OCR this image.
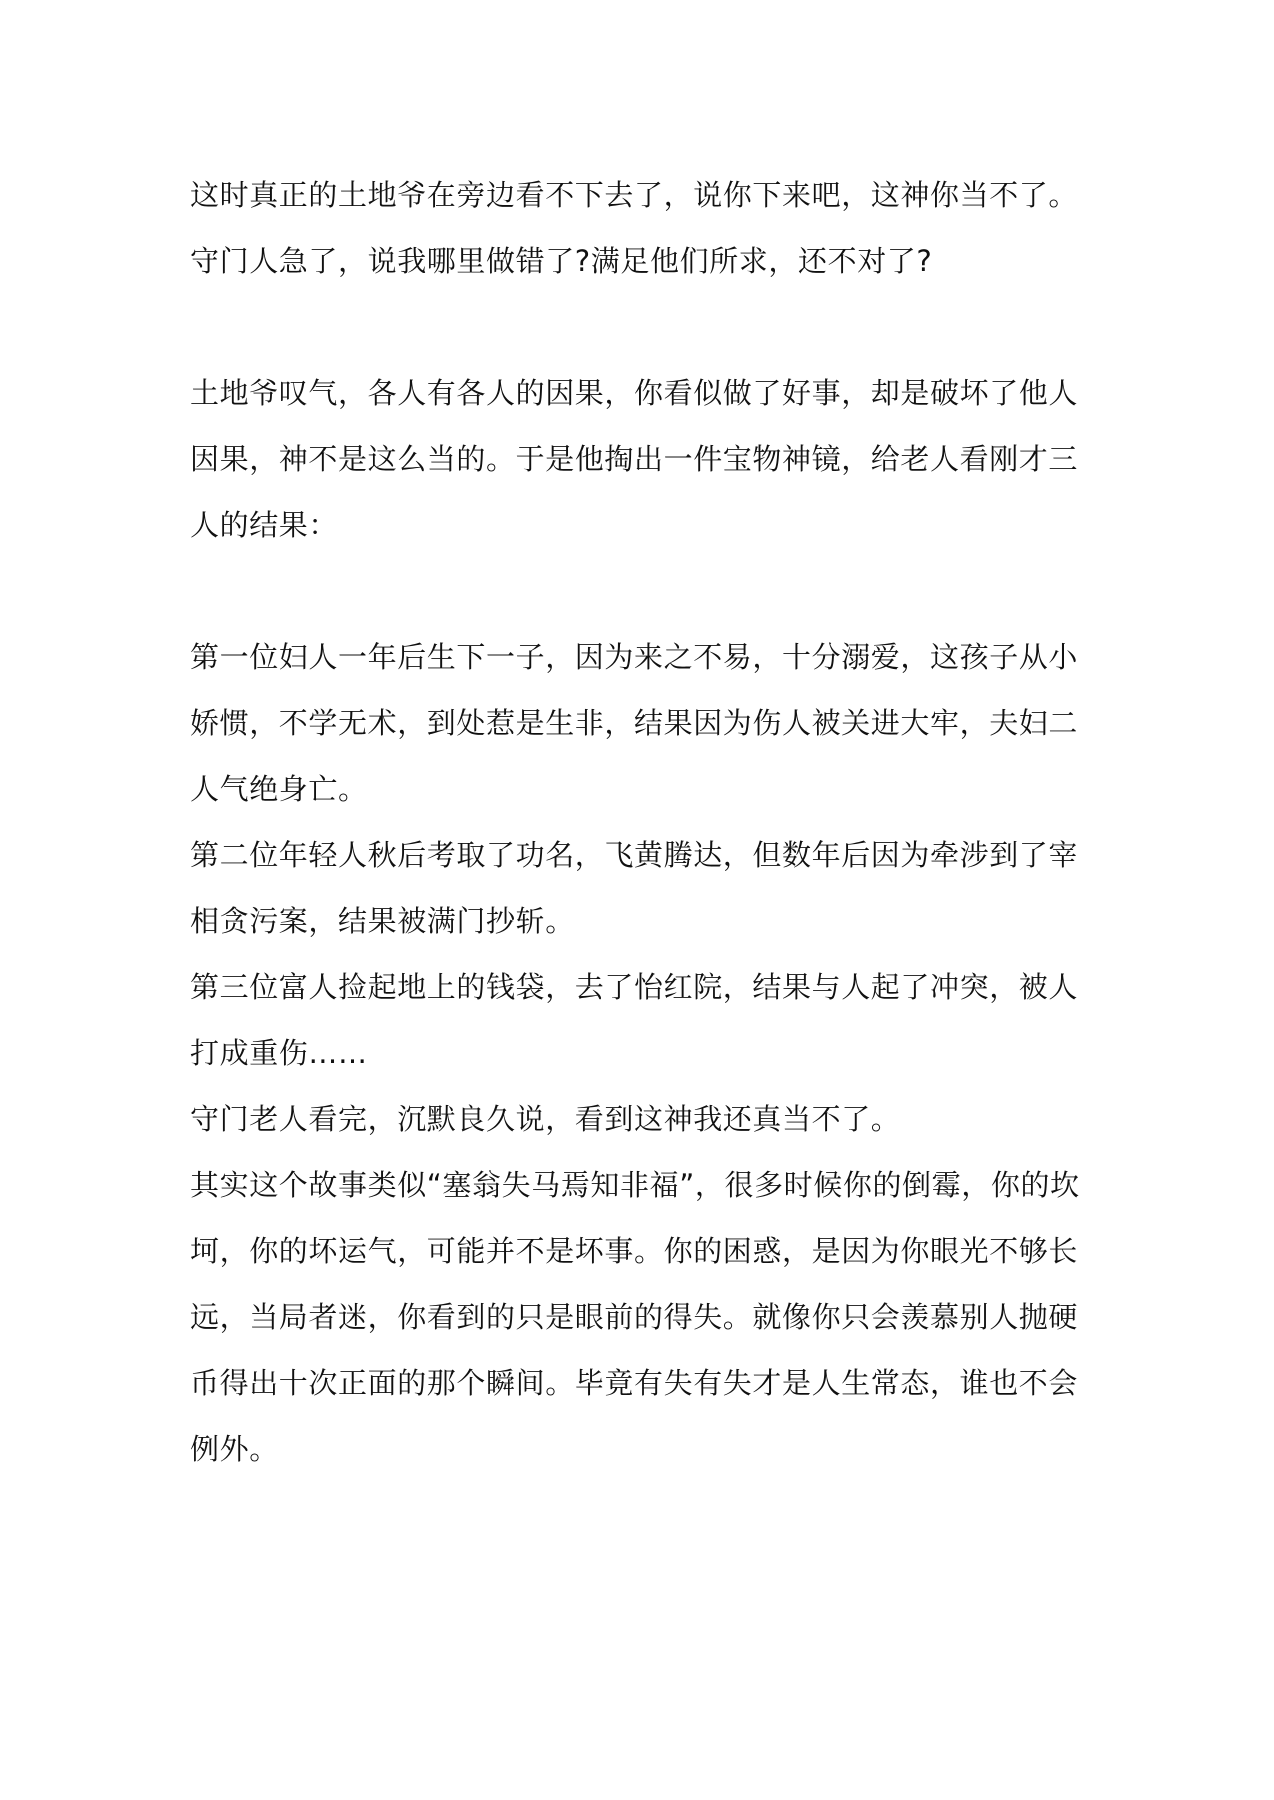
这时真正的土地爷在旁边看不下去了，说你下来吧，这神你当不了。守门人急了，说我哪里做错了?满足他们所求，还不对了?

土地爷叹气，各人有各人的因果，你看似做了好事，却是破坏了他人因果，神不是这么当的。于是他掏出一件宝物神镜，给老人看刚才三人的结果：

第一位妇人一年后生下一子，因为来之不易，十分溺爱，这孩子从小娇惯，不学无术，到处惹是生非，结果因为伤人被关进大牢，夫妇二人气绝身亡。

第二位年轻人秋后考取了功名，飞黄腾达，但数年后因为牵涉到了宰相贪污案，结果被满门抄斩。

第三位富人捡起地上的钱袋，去了怡红院，结果与人起了冲突，被人打成重伤……

守门老人看完，沉默良久说，看到这神我还真当不了。

其实这个故事类似“塞翁失马焉知非福”，很多时候你的倒霉，你的坎坷，你的坏运气，可能并不是坏事。你的困惑，是因为你眼光不够长远，当局者迷，你看到的只是眼前的得失。就像你只会羡慕别人抛硬币得出十次正面的那个瞬间。毕竟有失有失才是人生常态，谁也不会例外。
